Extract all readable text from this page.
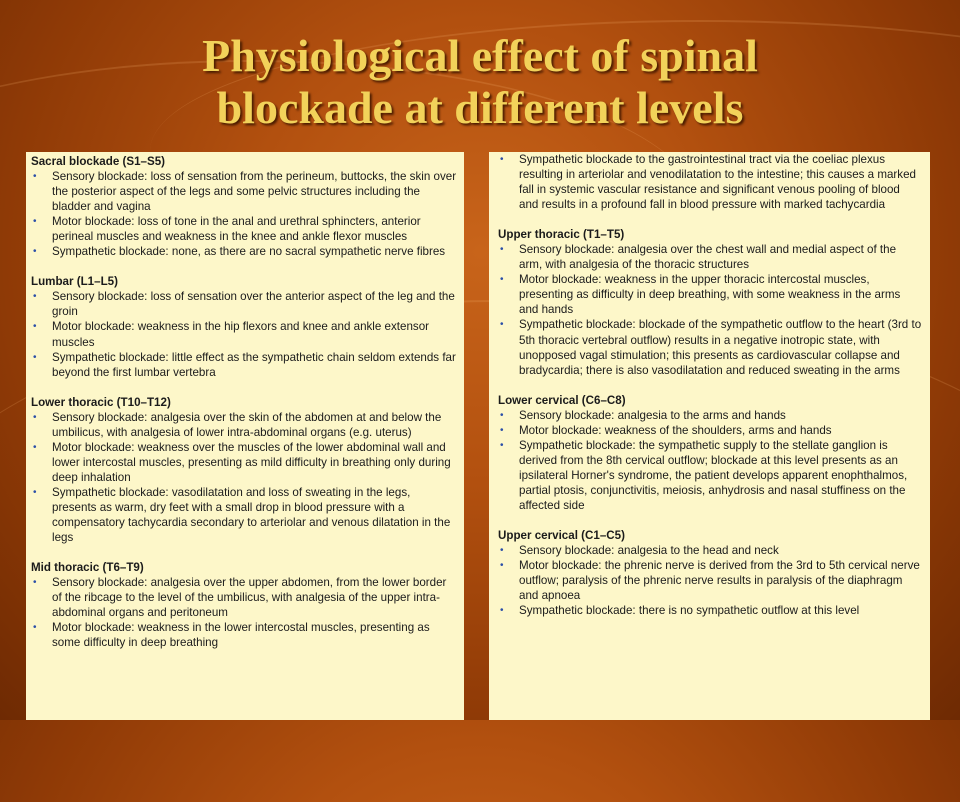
Physiological effect of spinal
blockade at different levels
Sacral blockade (S1–S5)
• Sensory blockade: loss of sensation from the perineum, buttocks, the skin over the posterior aspect of the legs and some pelvic structures including the bladder and vagina
• Motor blockade: loss of tone in the anal and urethral sphincters, anterior perineal muscles and weakness in the knee and ankle flexor muscles
• Sympathetic blockade: none, as there are no sacral sympathetic nerve fibres
Lumbar (L1–L5)
• Sensory blockade: loss of sensation over the anterior aspect of the leg and the groin
• Motor blockade: weakness in the hip flexors and knee and ankle extensor muscles
• Sympathetic blockade: little effect as the sympathetic chain seldom extends far beyond the first lumbar vertebra
Lower thoracic (T10–T12)
• Sensory blockade: analgesia over the skin of the abdomen at and below the umbilicus, with analgesia of lower intra-abdominal organs (e.g. uterus)
• Motor blockade: weakness over the muscles of the lower abdominal wall and lower intercostal muscles, presenting as mild difficulty in breathing only during deep inhalation
• Sympathetic blockade: vasodilatation and loss of sweating in the legs, presents as warm, dry feet with a small drop in blood pressure with a compensatory tachycardia secondary to arteriolar and venous dilatation in the legs
Mid thoracic (T6–T9)
• Sensory blockade: analgesia over the upper abdomen, from the lower border of the ribcage to the level of the umbilicus, with analgesia of the upper intra-abdominal organs and peritoneum
• Motor blockade: weakness in the lower intercostal muscles, presenting as some difficulty in deep breathing
• Sympathetic blockade to the gastrointestinal tract via the coeliac plexus resulting in arteriolar and venodilatation to the intestine; this causes a marked fall in systemic vascular resistance and significant venous pooling of blood and results in a profound fall in blood pressure with marked tachycardia
Upper thoracic (T1–T5)
• Sensory blockade: analgesia over the chest wall and medial aspect of the arm, with analgesia of the thoracic structures
• Motor blockade: weakness in the upper thoracic intercostal muscles, presenting as difficulty in deep breathing, with some weakness in the arms and hands
• Sympathetic blockade: blockade of the sympathetic outflow to the heart (3rd to 5th thoracic vertebral outflow) results in a negative inotropic state, with unopposed vagal stimulation; this presents as cardiovascular collapse and bradycardia; there is also vasodilatation and reduced sweating in the arms
Lower cervical (C6–C8)
• Sensory blockade: analgesia to the arms and hands
• Motor blockade: weakness of the shoulders, arms and hands
• Sympathetic blockade: the sympathetic supply to the stellate ganglion is derived from the 8th cervical outflow; blockade at this level presents as an ipsilateral Horner's syndrome, the patient develops apparent enophthalmos, partial ptosis, conjunctivitis, meiosis, anhydrosis and nasal stuffiness on the affected side
Upper cervical (C1–C5)
• Sensory blockade: analgesia to the head and neck
• Motor blockade: the phrenic nerve is derived from the 3rd to 5th cervical nerve outflow; paralysis of the phrenic nerve results in paralysis of the diaphragm and apnoea
• Sympathetic blockade: there is no sympathetic outflow at this level
